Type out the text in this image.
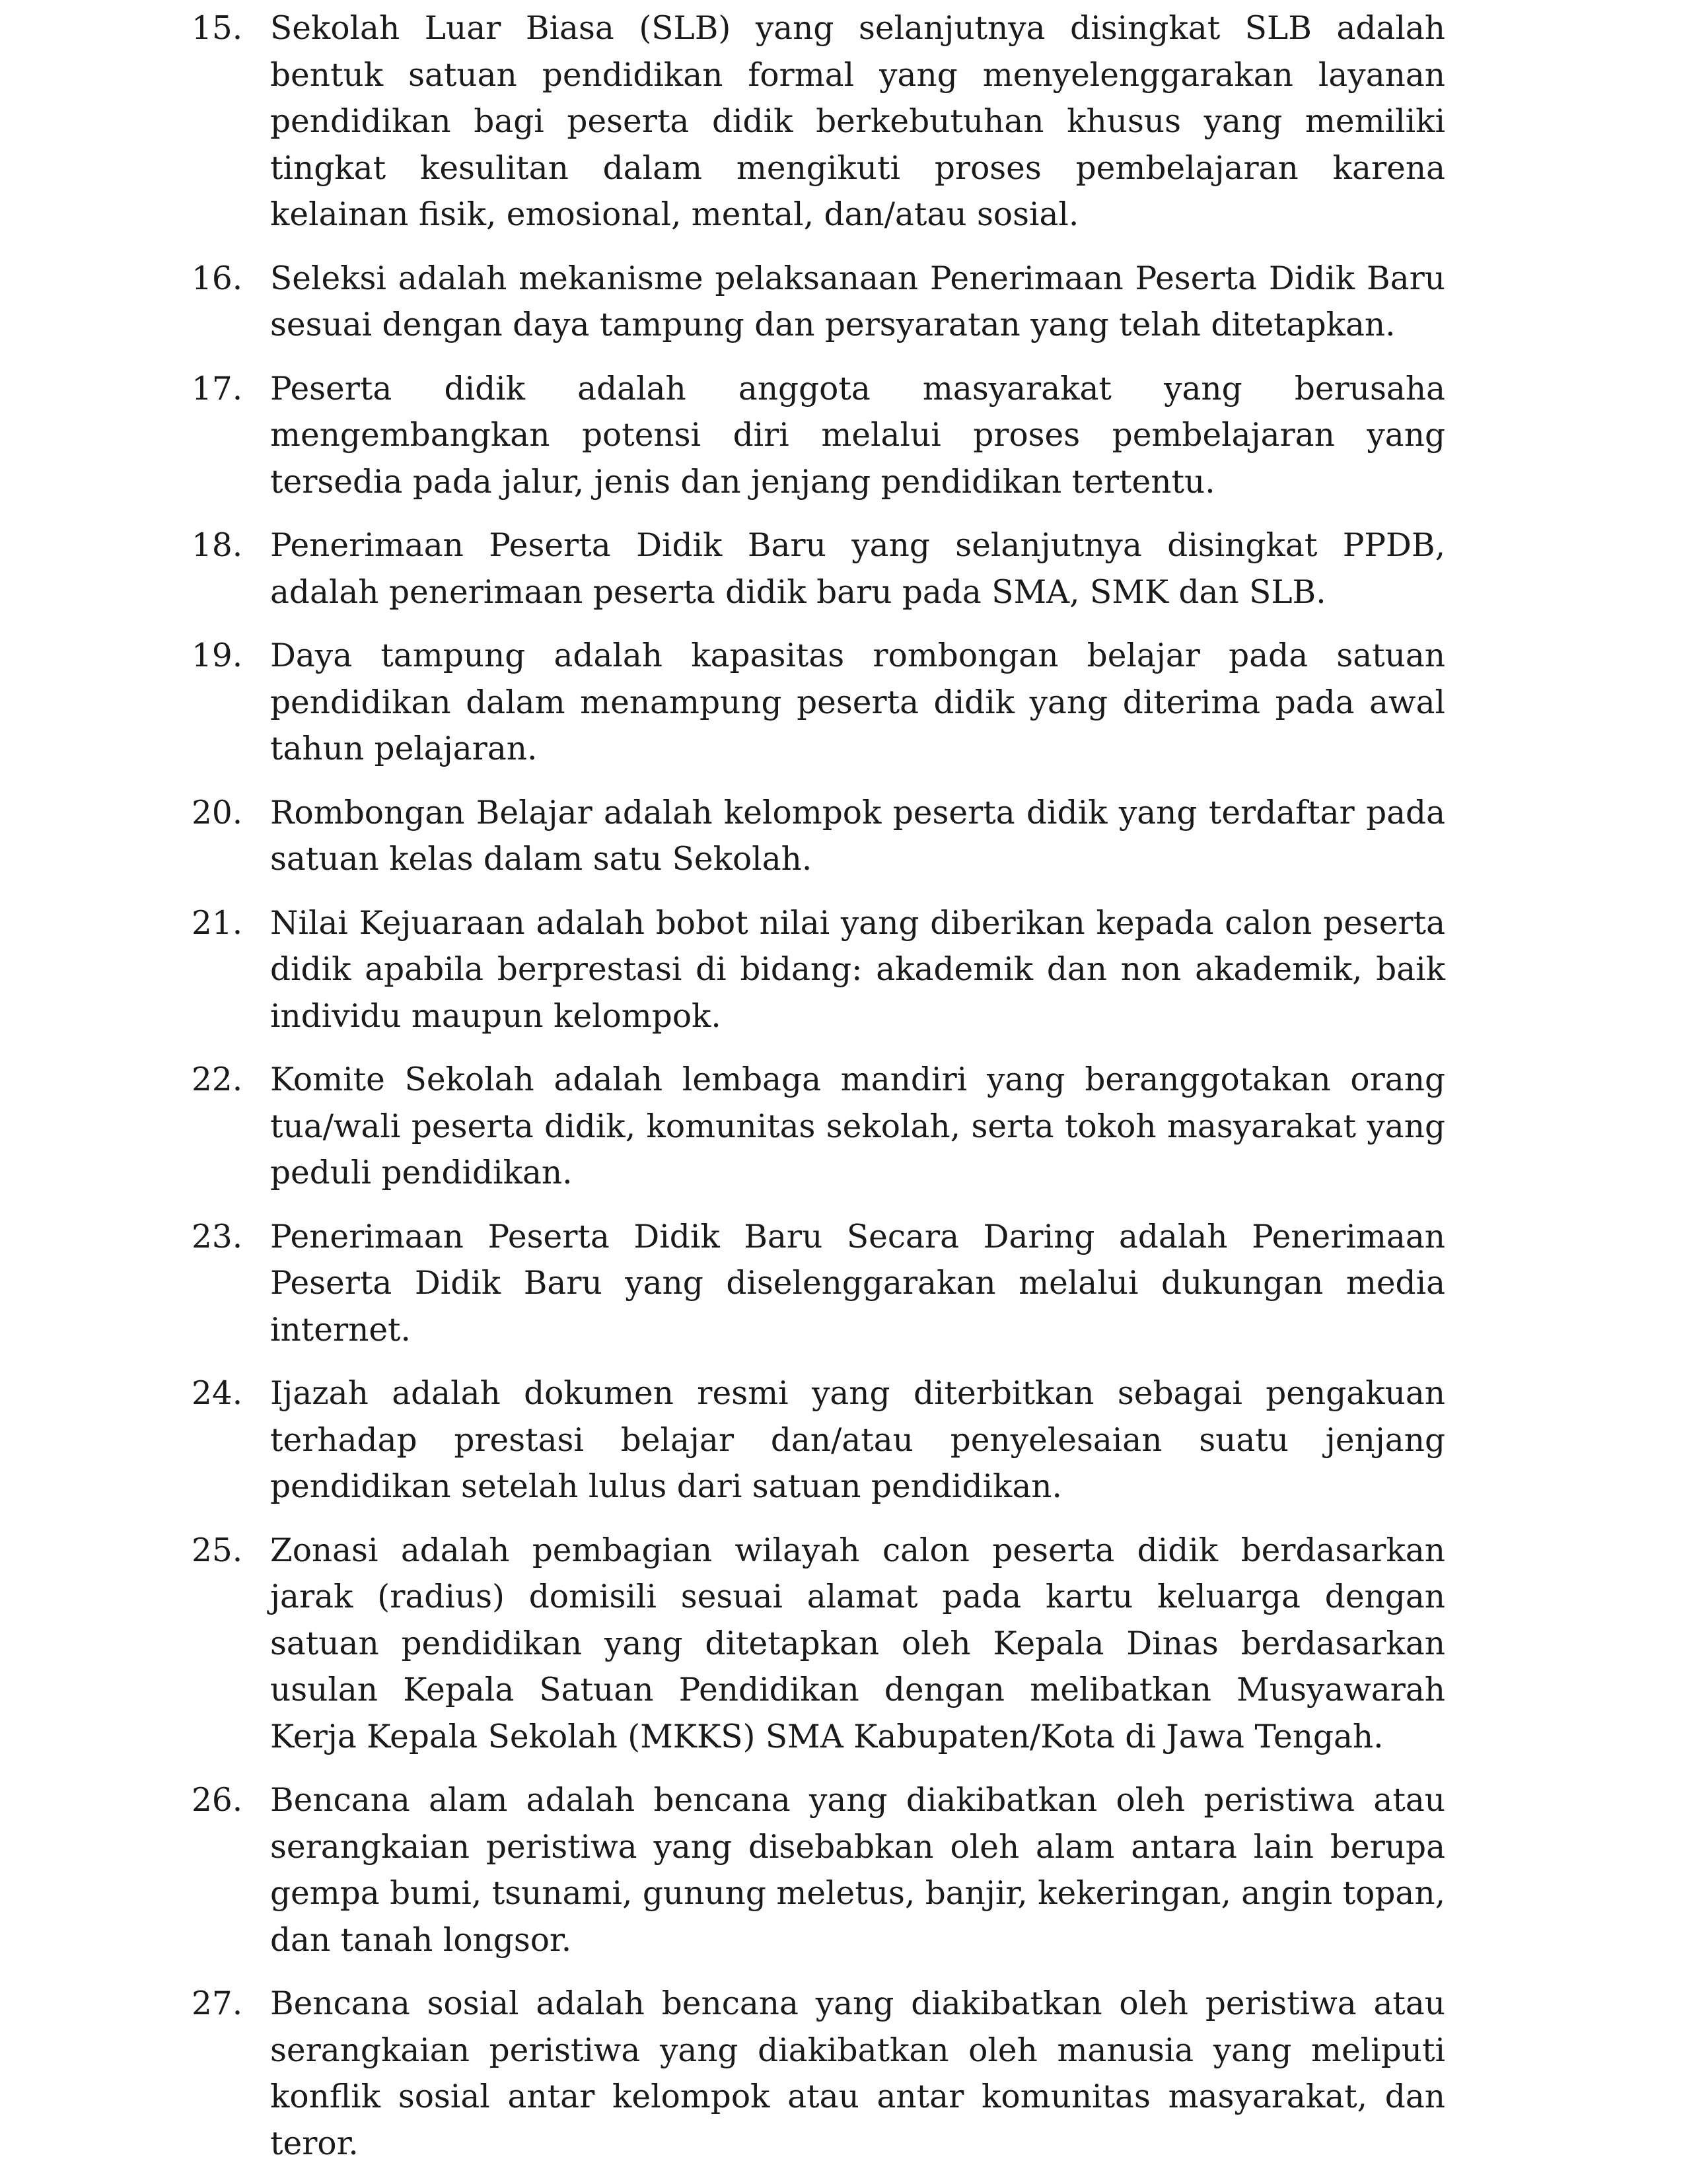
15. Sekolah Luar Biasa (SLB) yang selanjutnya disingkat SLB adalah bentuk satuan pendidikan formal yang menyelenggarakan layanan pendidikan bagi peserta didik berkebutuhan khusus yang memiliki tingkat kesulitan dalam mengikuti proses pembelajaran karena kelainan fisik, emosional, mental, dan/atau sosial.
16. Seleksi adalah mekanisme pelaksanaan Penerimaan Peserta Didik Baru sesuai dengan daya tampung dan persyaratan yang telah ditetapkan.
17. Peserta didik adalah anggota masyarakat yang berusaha mengembangkan potensi diri melalui proses pembelajaran yang tersedia pada jalur, jenis dan jenjang pendidikan tertentu.
18. Penerimaan Peserta Didik Baru yang selanjutnya disingkat PPDB, adalah penerimaan peserta didik baru pada SMA, SMK dan SLB.
19. Daya tampung adalah kapasitas rombongan belajar pada satuan pendidikan dalam menampung peserta didik yang diterima pada awal tahun pelajaran.
20. Rombongan Belajar adalah kelompok peserta didik yang terdaftar pada satuan kelas dalam satu Sekolah.
21. Nilai Kejuaraan adalah bobot nilai yang diberikan kepada calon peserta didik apabila berprestasi di bidang: akademik dan non akademik, baik individu maupun kelompok.
22. Komite Sekolah adalah lembaga mandiri yang beranggotakan orang tua/wali peserta didik, komunitas sekolah, serta tokoh masyarakat yang peduli pendidikan.
23. Penerimaan Peserta Didik Baru Secara Daring adalah Penerimaan Peserta Didik Baru yang diselenggarakan melalui dukungan media internet.
24. Ijazah adalah dokumen resmi yang diterbitkan sebagai pengakuan terhadap prestasi belajar dan/atau penyelesaian suatu jenjang pendidikan setelah lulus dari satuan pendidikan.
25. Zonasi adalah pembagian wilayah calon peserta didik berdasarkan jarak (radius) domisili sesuai alamat pada kartu keluarga dengan satuan pendidikan yang ditetapkan oleh Kepala Dinas berdasarkan usulan Kepala Satuan Pendidikan dengan melibatkan Musyawarah Kerja Kepala Sekolah (MKKS) SMA Kabupaten/Kota di Jawa Tengah.
26. Bencana alam adalah bencana yang diakibatkan oleh peristiwa atau serangkaian peristiwa yang disebabkan oleh alam antara lain berupa gempa bumi, tsunami, gunung meletus, banjir, kekeringan, angin topan, dan tanah longsor.
27. Bencana sosial adalah bencana yang diakibatkan oleh peristiwa atau serangkaian peristiwa yang diakibatkan oleh manusia yang meliputi konflik sosial antar kelompok atau antar komunitas masyarakat, dan teror.
